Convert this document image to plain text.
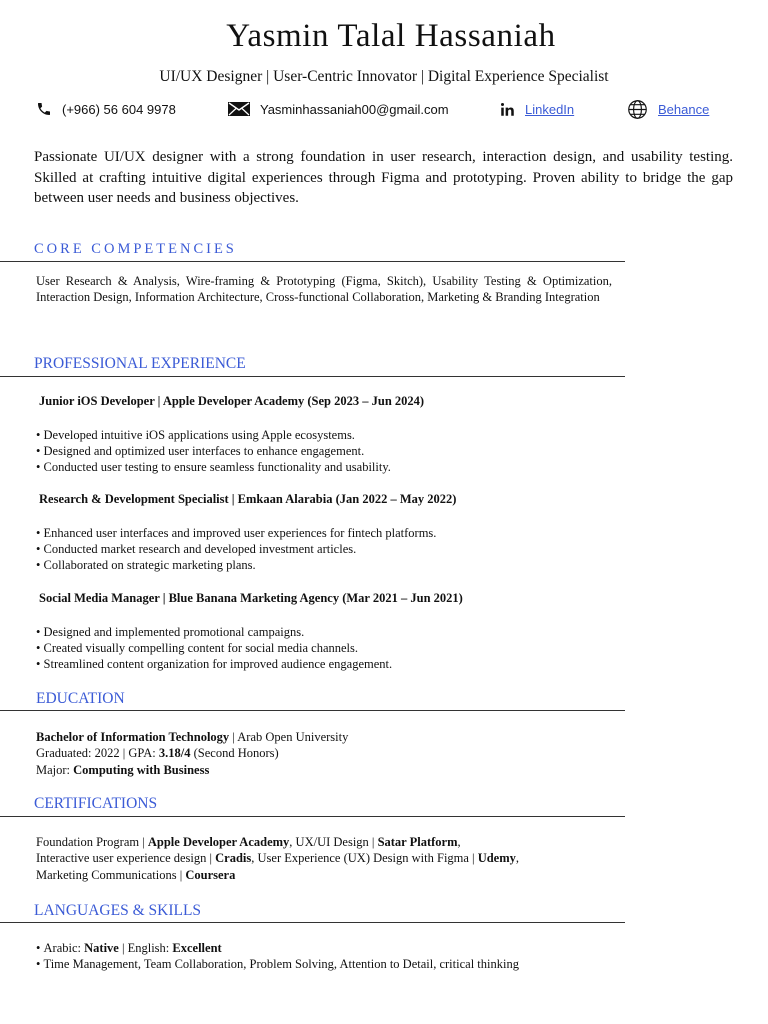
Yasmin Talal Hassaniah

UI/UX Designer | User-Centric Innovator | Digital Experience Specialist

(+966) 56 604 9978	Yasminhassaniah00@gmail.com	LinkedIn	Behance

Passionate UI/UX designer with a strong foundation in user research, interaction design, and usability testing. Skilled at crafting intuitive digital experiences through Figma and prototyping. Proven ability to bridge the gap between user needs and business objectives.

CORE COMPETENCIES

User Research & Analysis, Wire-framing & Prototyping (Figma, Skitch), Usability Testing & Optimization, Interaction Design, Information Architecture, Cross-functional Collaboration, Marketing & Branding Integration

PROFESSIONAL EXPERIENCE

Junior iOS Developer | Apple Developer Academy (Sep 2023 – Jun 2024)

• Developed intuitive iOS applications using Apple ecosystems.
• Designed and optimized user interfaces to enhance engagement.
• Conducted user testing to ensure seamless functionality and usability.

Research & Development Specialist | Emkaan Alarabia (Jan 2022 – May 2022)

• Enhanced user interfaces and improved user experiences for fintech platforms.
• Conducted market research and developed investment articles.
• Collaborated on strategic marketing plans.

Social Media Manager | Blue Banana Marketing Agency (Mar 2021 – Jun 2021)

• Designed and implemented promotional campaigns.
• Created visually compelling content for social media channels.
• Streamlined content organization for improved audience engagement.
EDUCATION
Bachelor of Information Technology | Arab Open University
Graduated: 2022 | GPA: 3.18/4 (Second Honors)
Major: Computing with Business
CERTIFICATIONS
Foundation Program | Apple Developer Academy, UX/UI Design | Satar Platform,
Interactive user experience design | Cradis, User Experience (UX) Design with Figma | Udemy,
Marketing Communications | Coursera
LANGUAGES & SKILLS
• Arabic: Native | English: Excellent
• Time Management, Team Collaboration, Problem Solving, Attention to Detail, critical thinking
